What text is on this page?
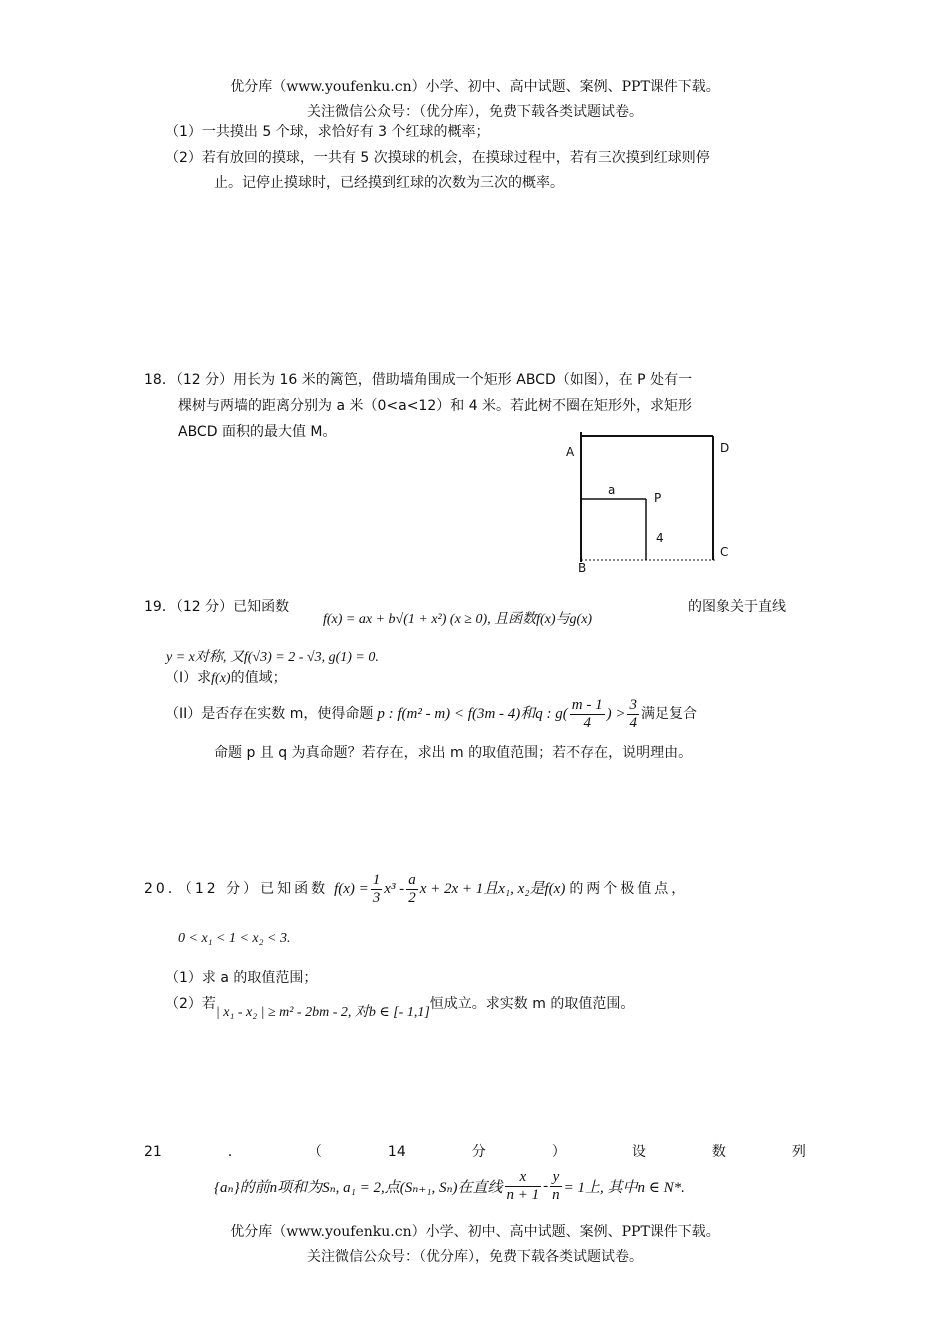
优分库（www.youfenku.cn）小学、初中、高中试题、案例、PPT课件下载。
关注微信公众号：（优分库），免费下载各类试题试卷。
（1）一共摸出 5 个球，求恰好有 3 个红球的概率；
（2）若有放回的摸球，一共有 5 次摸球的机会，在摸球过程中，若有三次摸到红球则停
止。记停止摸球时，已经摸到红球的次数为三次的概率。
18．（12 分）用长为 16 米的篱笆，借助墙角围成一个矩形 ABCD（如图），在 P 处有一
棵树与两墙的距离分别为 a 米（0<a<12）和 4 米。若此树不圈在矩形外，求矩形
ABCD 面积的最大值 M。
A	D
B
C
P
a
4
19．（12 分）已知函数
f(x) = ax + b√(1 + x²) (x ≥ 0), 且函数f(x)与g(x)
的图象关于直线
y = x对称, 又f(√3) = 2 - √3, g(1) = 0.
（I）求f(x)的值域；
（II）是否存在实数 m，使得命题 p : f(m² - m) < f(3m - 4)和q : $g( \frac{m - 1}{4}$ ) > $\frac{3}{4}$ 满足复合
命题 p 且 q 为真命题？若存在，求出 m 的取值范围；若不存在，说明理由。
20．（12 分）已知函数 $f(x) = \frac{1}{3} x^3 - \frac{a}{2}$ x + 2x + 1且x₁, x₂是f(x) 的两个极值点，
0 < x₁ < 1 < x₂ < 3.
（1）求 a 的取值范围；
（2）若
| x₁ - x₂ | ≥ m² - 2bm - 2, 对b ∈ [- 1,1]
恒成立。求实数 m 的取值范围。
21	．	（	14	分	）	设	数	列
{aₙ}的前n项和为Sₙ, a₁ = 2,点(Sₙ₊₁, Sₙ)在直线 $\frac{x}{n + 1} - \frac{y}{n} = 1$上, 其中n ∈ N*.
优分库（www.youfenku.cn）小学、初中、高中试题、案例、PPT课件下载。
关注微信公众号：（优分库），免费下载各类试题试卷。
